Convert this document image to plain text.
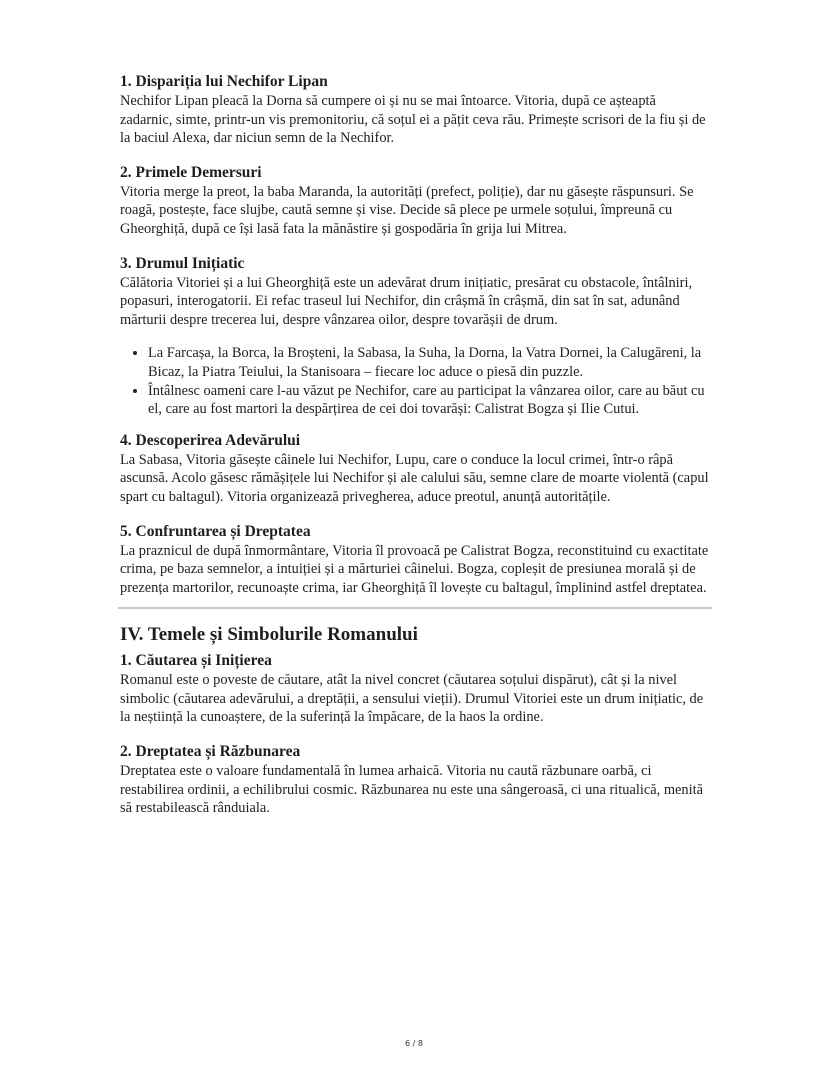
1. Dispariția lui Nechifor Lipan

Nechifor Lipan pleacă la Dorna să cumpere oi și nu se mai întoarce. Vitoria, după ce așteaptă zadarnic, simte, printr-un vis premonitoriu, că soțul ei a pățit ceva rău. Primește scrisori de la fiu și de la baciul Alexa, dar niciun semn de la Nechifor.

2. Primele Demersuri

Vitoria merge la preot, la baba Maranda, la autorități (prefect, poliție), dar nu găsește răspunsuri. Se roagă, postește, face slujbe, caută semne și vise. Decide să plece pe urmele soțului, împreună cu Gheorghiță, după ce își lasă fata la mănăstire și gospodăria în grija lui Mitrea.

3. Drumul Inițiatic

Călătoria Vitoriei și a lui Gheorghiță este un adevărat drum inițiatic, presărat cu obstacole, întâlniri, popasuri, interogatorii. Ei refac traseul lui Nechifor, din crâșmă în crâșmă, din sat în sat, adunând mărturii despre trecerea lui, despre vânzarea oilor, despre tovarășii de drum.

• La Farcașa, la Borca, la Broșteni, la Sabasa, la Suha, la Dorna, la Vatra Dornei, la Calugăreni, la Bicaz, la Piatra Teiului, la Stanisoara – fiecare loc aduce o piesă din puzzle.
• Întâlnesc oameni care l-au văzut pe Nechifor, care au participat la vânzarea oilor, care au băut cu el, care au fost martori la despărțirea de cei doi tovarăși: Calistrat Bogza și Ilie Cutui.
4. Descoperirea Adevărului

La Sabasa, Vitoria găsește câinele lui Nechifor, Lupu, care o conduce la locul crimei, într-o râpă ascunsă. Acolo găsesc rămășițele lui Nechifor și ale calului său, semne clare de moarte violentă (capul spart cu baltagul). Vitoria organizează privegherea, aduce preotul, anunță autoritățile.

5. Confruntarea și Dreptatea

La praznicul de după înmormântare, Vitoria îl provoacă pe Calistrat Bogza, reconstituind cu exactitate crima, pe baza semnelor, a intuiției și a mărturiei câinelui. Bogza, copleșit de presiunea morală și de prezența martorilor, recunoaște crima, iar Gheorghiță îl lovește cu baltagul, împlinind astfel dreptatea.

IV. Temele și Simbolurile Romanului
1. Căutarea și Inițierea

Romanul este o poveste de căutare, atât la nivel concret (căutarea soțului dispărut), cât și la nivel simbolic (căutarea adevărului, a dreptății, a sensului vieții). Drumul Vitoriei este un drum inițiatic, de la neștiință la cunoaștere, de la suferință la împăcare, de la haos la ordine.

2. Dreptatea și Răzbunarea

Dreptatea este o valoare fundamentală în lumea arhaică. Vitoria nu caută răzbunare oarbă, ci restabilirea ordinii, a echilibrului cosmic. Răzbunarea nu este una sângeroasă, ci una ritualică, menită să restabilească rânduiala.

6 / 8
